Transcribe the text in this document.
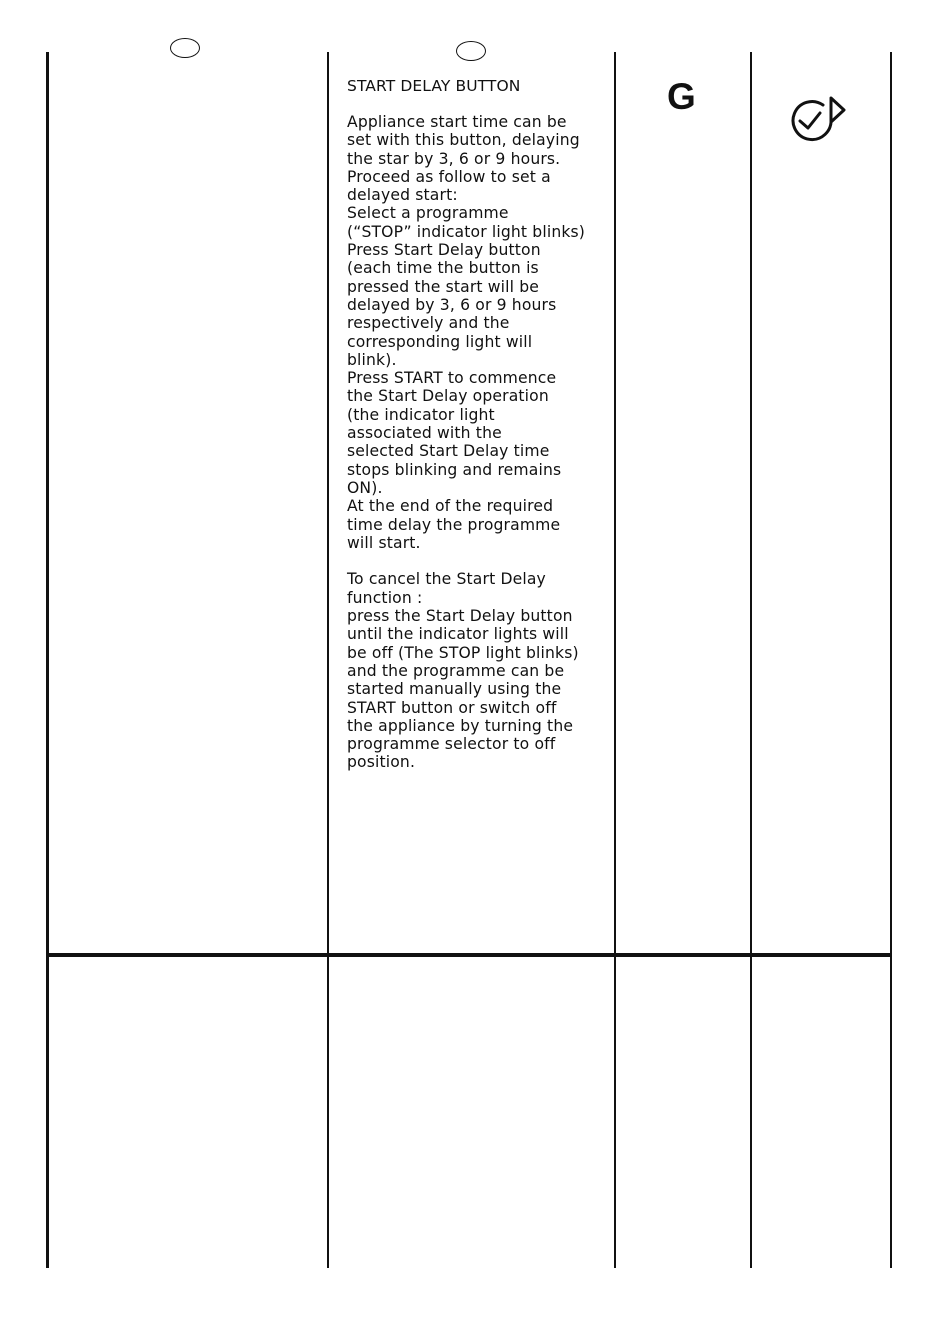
START DELAY BUTTON

Appliance start time can be

set with this button, delaying

the star by 3, 6 or 9 hours.

Proceed as follow to set a

delayed start:

Select a programme

(“STOP” indicator light blinks)

Press Start Delay button

(each time the button is

pressed the start will be

delayed by 3, 6 or 9 hours

respectively and the

corresponding light will

blink).

Press START to commence

the Start Delay operation

(the indicator light

associated with the

selected Start Delay time

stops blinking and remains

ON).

At the end of the required

time delay the programme

will start.

To cancel the Start Delay

function :

press the Start Delay button

until the indicator lights will

be off (The STOP light blinks)

and the programme can be

started manually using the

START button or switch off

the appliance by turning the

programme selector to off

position.

G
